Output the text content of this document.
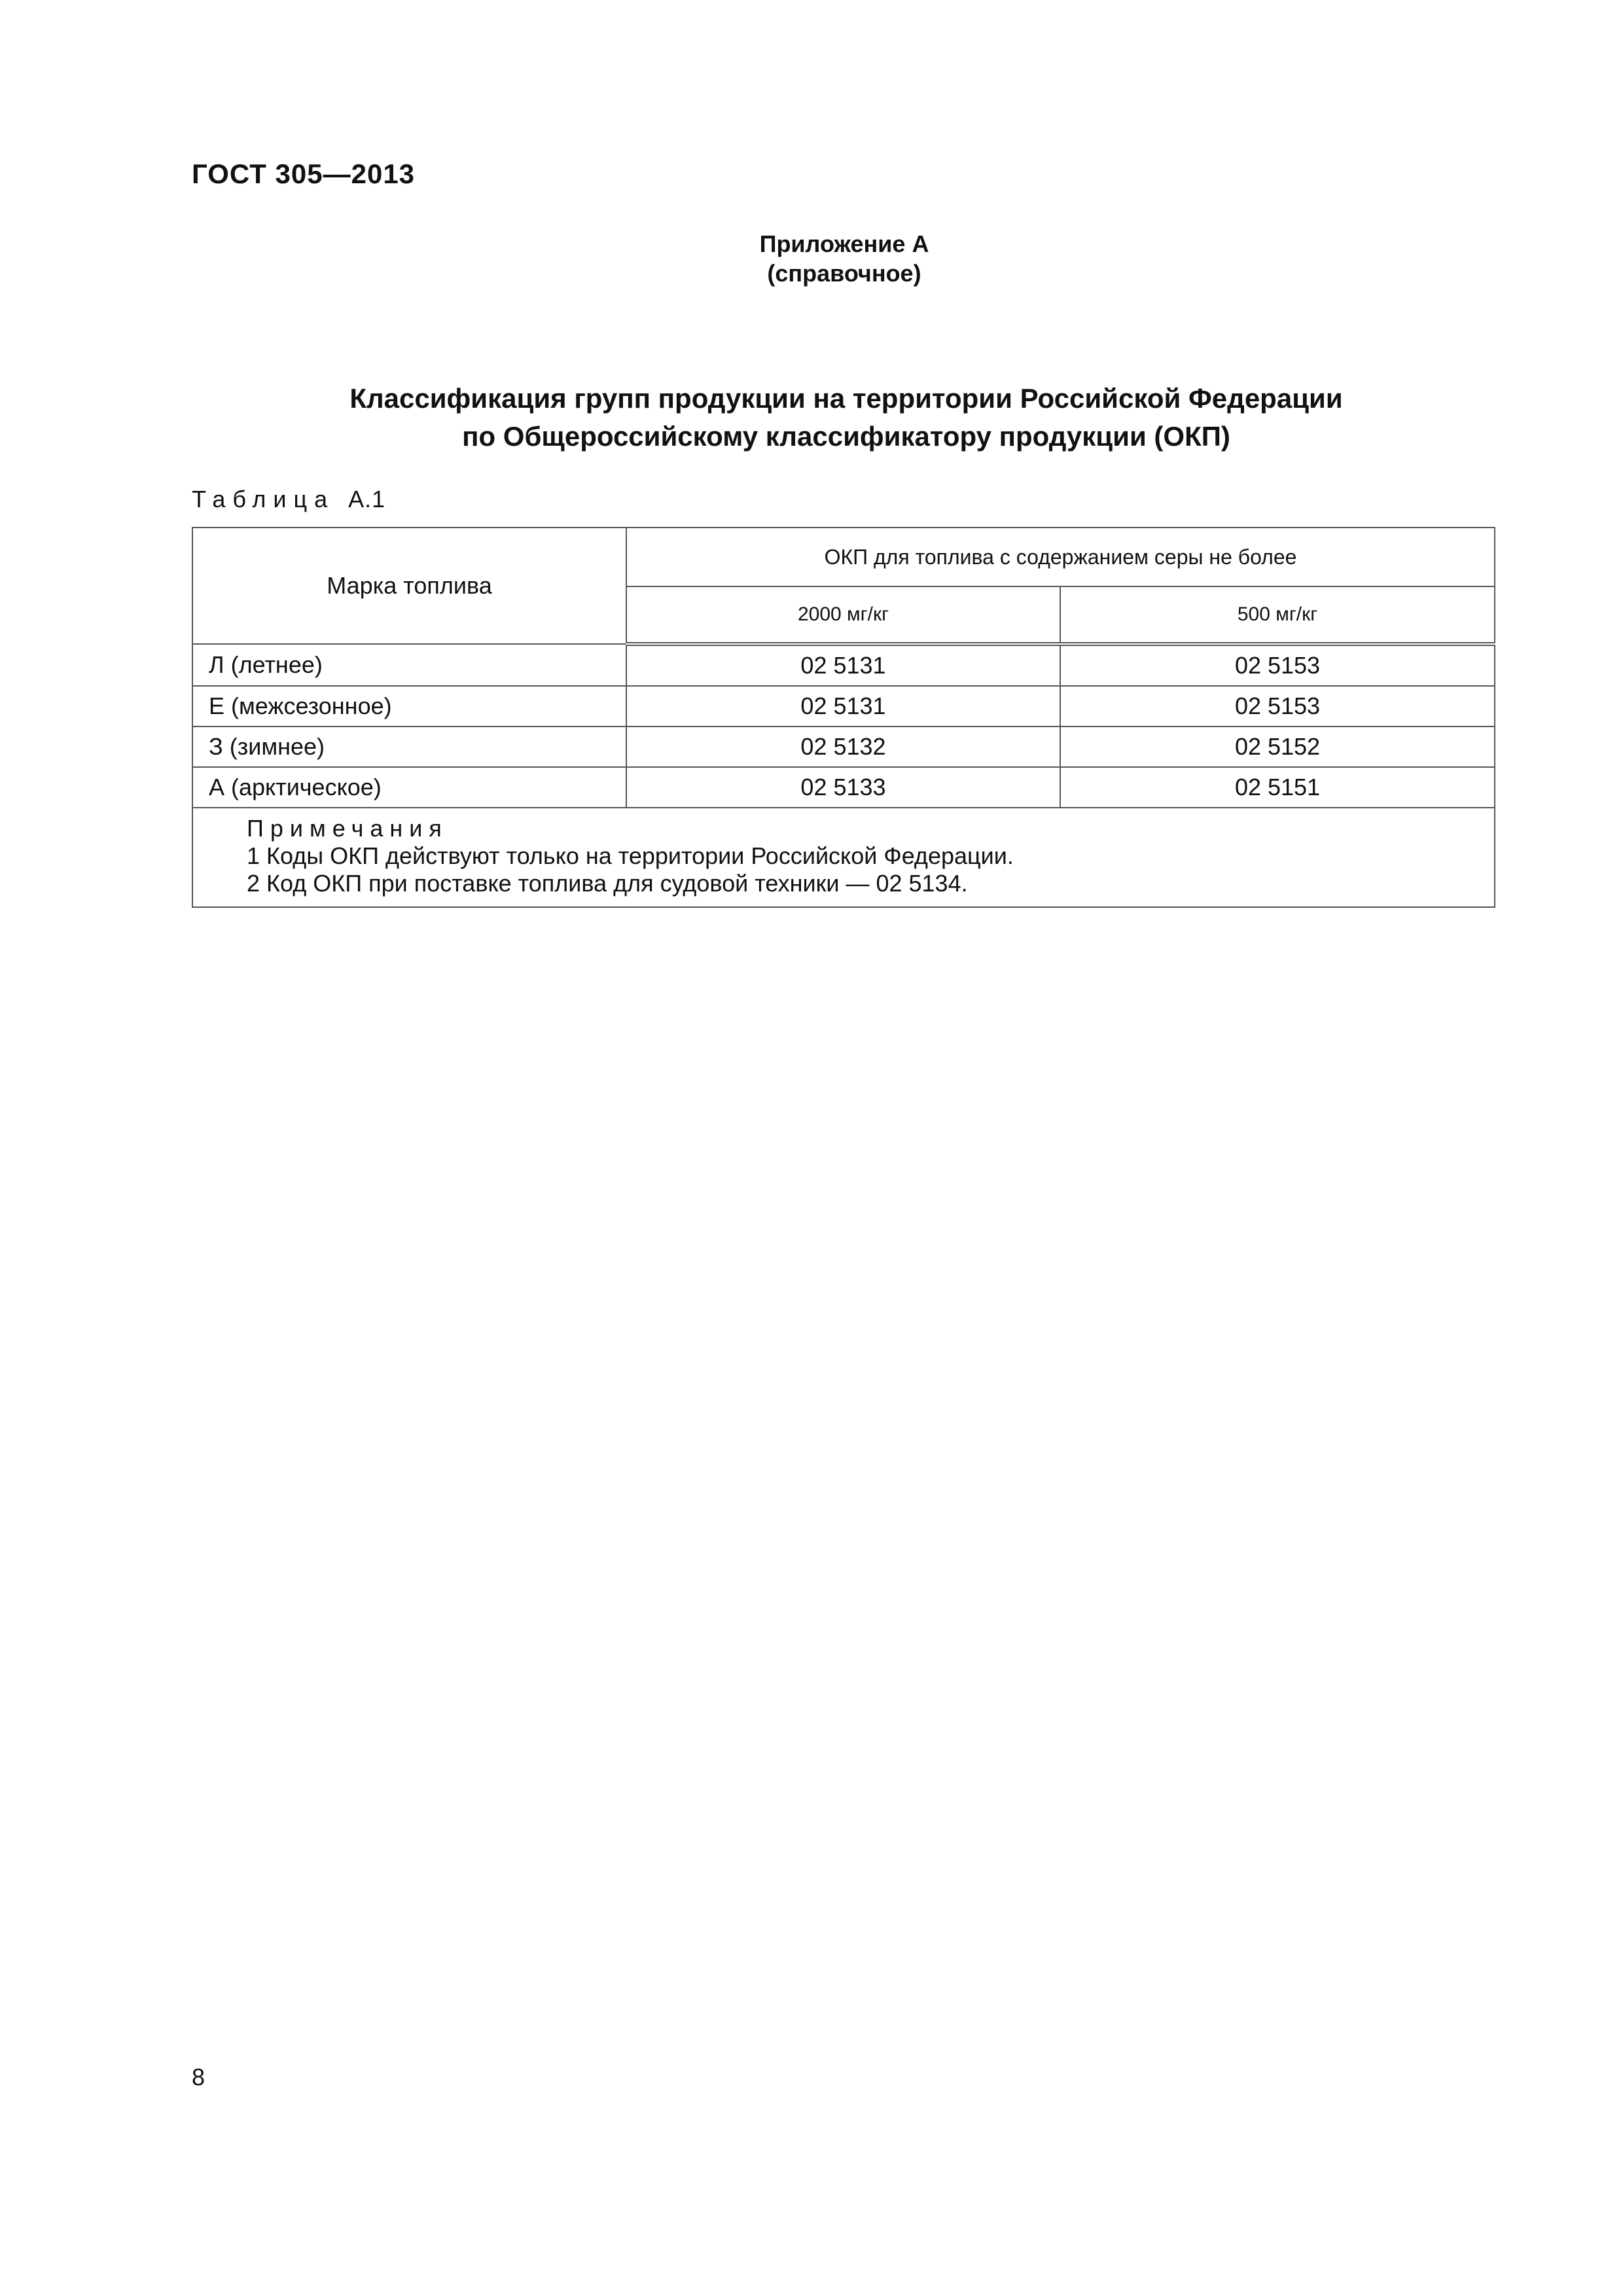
ГОСТ 305—2013
Приложение А
(справочное)
Классификация групп продукции на территории Российской Федерации
по Общероссийскому классификатору продукции (ОКП)
Таблица А.1
Марка топлива	ОКП для топлива с содержанием серы не более	
	2000 мг/кг	500 мг/кг
Л (летнее)	02 5131	02 5153
Е (межсезонное)	02 5131	02 5153
З (зимнее)	02 5132	02 5152
А (арктическое)	02 5133	02 5151

Примечания
1 Коды ОКП действуют только на территории Российской Федерации.
2 Код ОКП при поставке топлива для судовой техники — 02 5134.		
8
